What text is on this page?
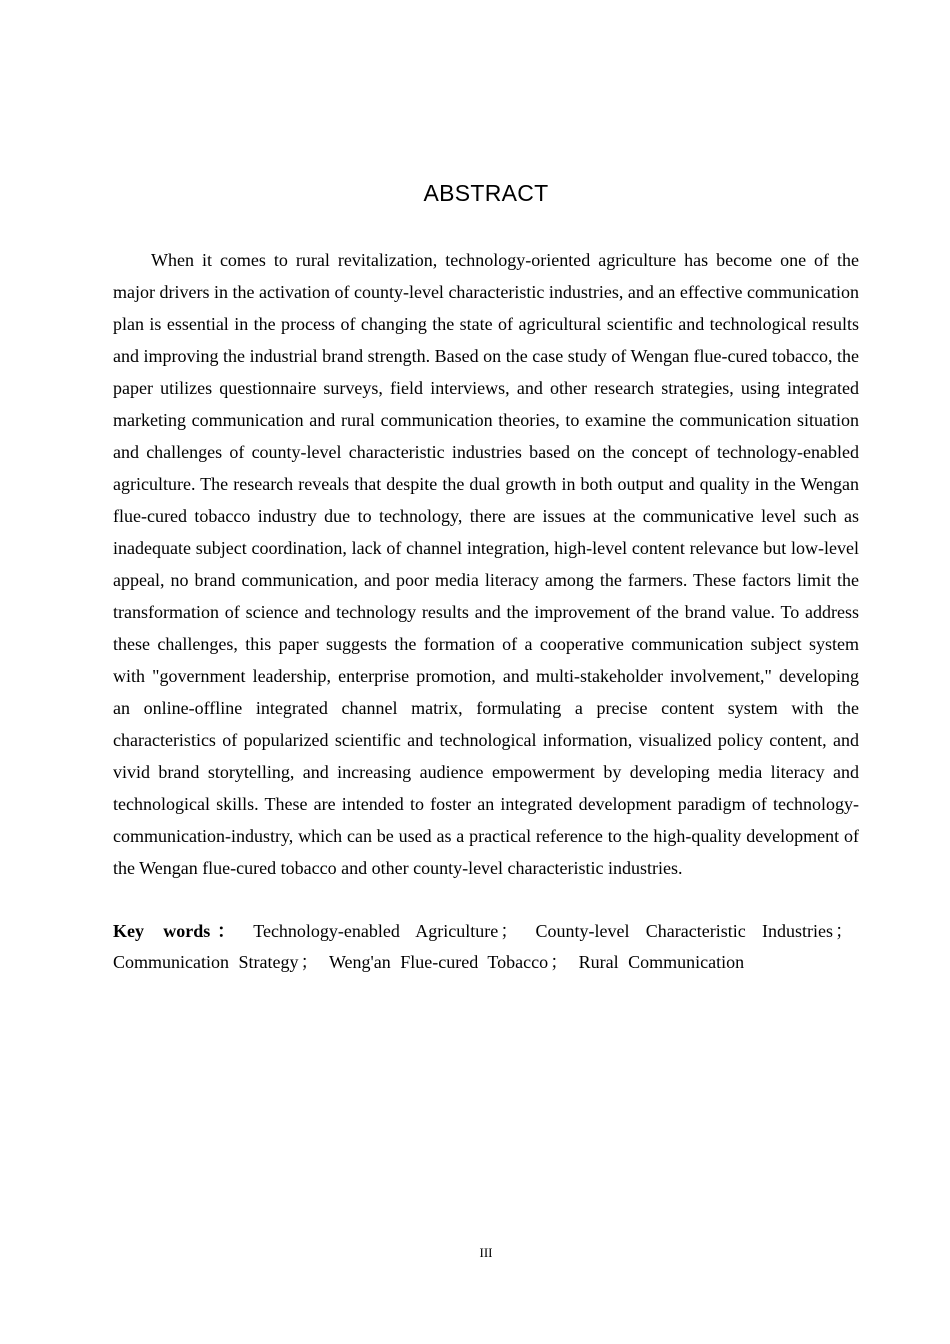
ABSTRACT

When it comes to rural revitalization, technology-oriented agriculture has become one of the major drivers in the activation of county-level characteristic industries, and an effective communication plan is essential in the process of changing the state of agricultural scientific and technological results and improving the industrial brand strength. Based on the case study of Wengan flue-cured tobacco, the paper utilizes questionnaire surveys, field interviews, and other research strategies, using integrated marketing communication and rural communication theories, to examine the communication situation and challenges of county-level characteristic industries based on the concept of technology-enabled agriculture. The research reveals that despite the dual growth in both output and quality in the Wengan flue-cured tobacco industry due to technology, there are issues at the communicative level such as inadequate subject coordination, lack of channel integration, high-level content relevance but low-level appeal, no brand communication, and poor media literacy among the farmers. These factors limit the transformation of science and technology results and the improvement of the brand value. To address these challenges, this paper suggests the formation of a cooperative communication subject system with "government leadership, enterprise promotion, and multi-stakeholder involvement," developing an online-offline integrated channel matrix, formulating a precise content system with the characteristics of popularized scientific and technological information, visualized policy content, and vivid brand storytelling, and increasing audience empowerment by developing media literacy and technological skills. These are intended to foster an integrated development paradigm of technology-communication-industry, which can be used as a practical reference to the high-quality development of the Wengan flue-cured tobacco and other county-level characteristic industries.

Key words： Technology-enabled Agriculture ； County-level Characteristic Industries ； Communication Strategy ； Weng'an Flue-cured Tobacco ； Rural Communication

III
